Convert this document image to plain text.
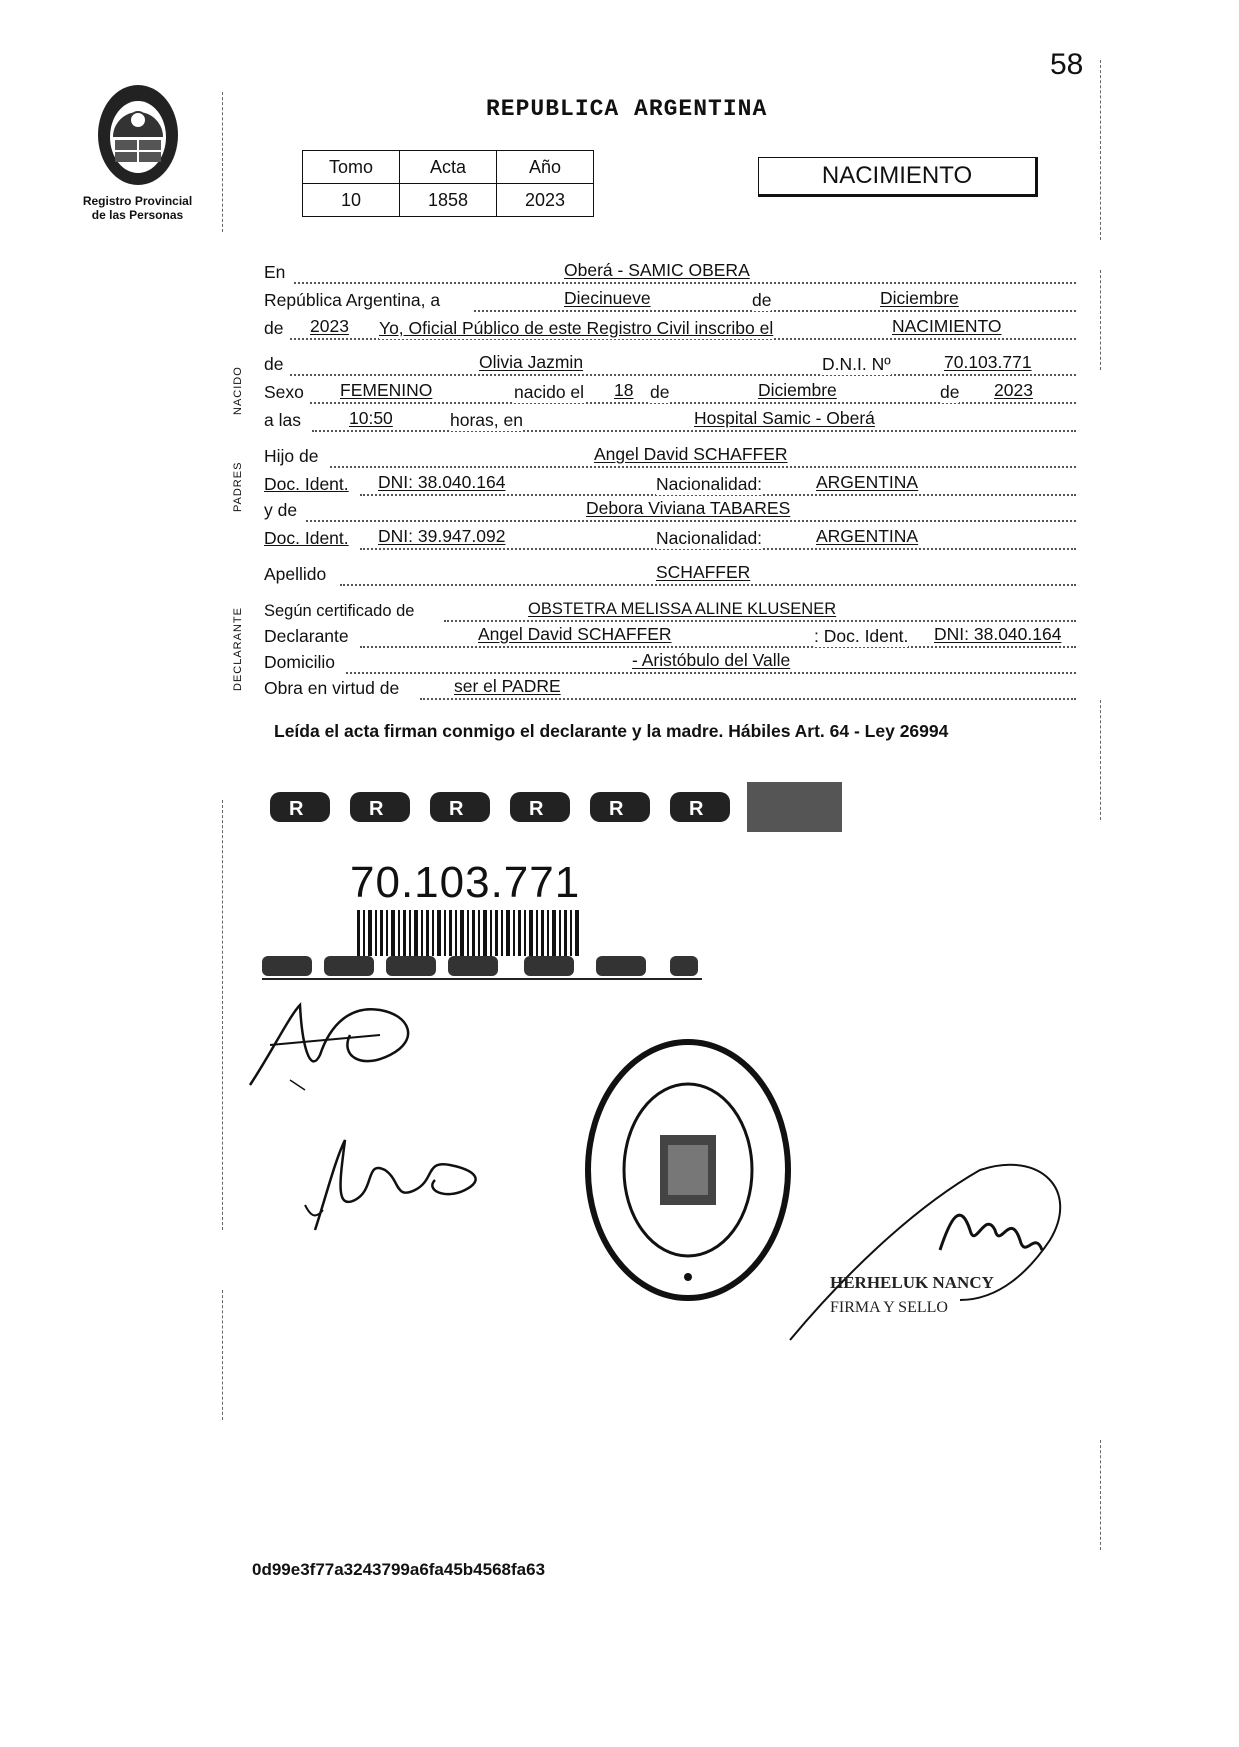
58
Registro Provincial
de las Personas
REPUBLICA ARGENTINA
Tomo	Acta	Año
10	1858	2023
NACIMIENTO
NACIDO
PADRES
DECLARANTE
En	Oberá - SAMIC OBERA
República Argentina, a	Diecinueve	de	Diciembre
de 2023 Yo, Oficial Público de este Registro Civil inscribo el	NACIMIENTO
de	Olivia Jazmin	D.N.I. Nº	70.103.771
Sexo FEMENINO	nacido el 18 de	Diciembre	de 2023
a las	10:50	horas, en	Hospital Samic - Oberá
Hijo de	Angel David SCHAFFER
Doc. Ident. DNI: 38.040.164	Nacionalidad:	ARGENTINA
y de	Debora Viviana TABARES
Doc. Ident. DNI: 39.947.092	Nacionalidad:	ARGENTINA
Apellido	SCHAFFER
Según certificado de	OBSTETRA MELISSA ALINE KLUSENER
Declarante	Angel David SCHAFFER	: Doc. Ident. DNI: 38.040.164
Domicilio	- Aristóbulo del Valle
Obra en virtud de	ser el PADRE
Leída el acta firman conmigo el declarante y la madre. Hábiles Art. 64 - Ley 26994
R	R	R	R	R	R
70.103.771
HERHELUK NANCY
FIRMA Y SELLO
0d99e3f77a3243799a6fa45b4568fa63
